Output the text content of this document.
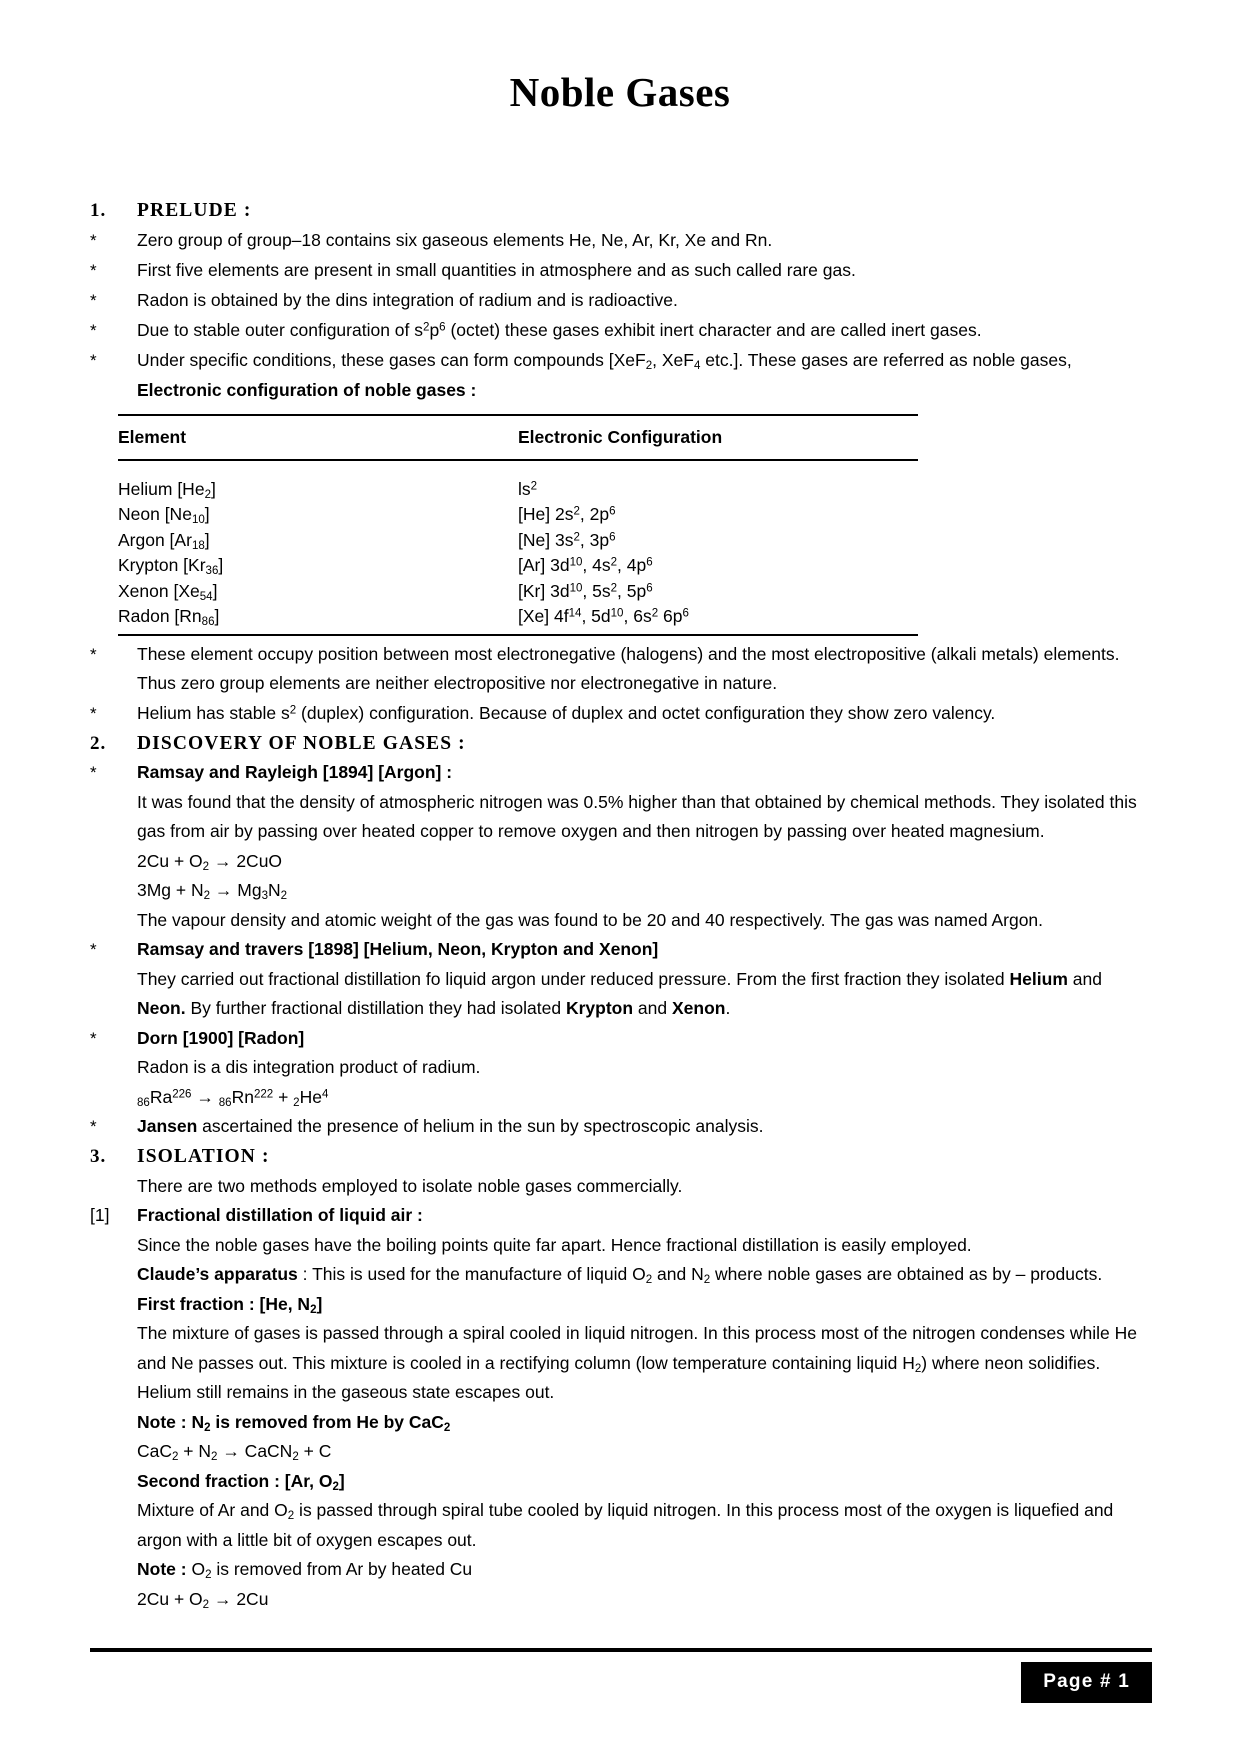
Noble Gases
1.	PRELUDE :
*	Zero group of group–18 contains six gaseous elements He, Ne, Ar, Kr, Xe and Rn.
*	First five elements are present in small quantities in atmosphere and as such called rare gas.
*	Radon is obtained by the dins integration of radium and is radioactive.
*	Due to stable outer configuration of $s^2p^6$ (octet) these gases exhibit inert character and are called inert gases.
*	Under specific conditions, these gases can form compounds [XeF$_2$, XeF$_4$ etc.]. These gases are referred as noble gases,
Electronic configuration of noble gases :
Element	Electronic Configuration
Helium $[He_2]$	$ls^2$
Neon $[Ne_{10}]$	[He] $2s^2$, $2p^6$
Argon $[Ar_{18}]$	[Ne] $3s^2$, $3p^6$
Krypton $[Kr_{36}]$	[Ar] $3d^{10}$, $4s^2$, $4p^6$
Xenon $[Xe_{54}]$	[Kr] $3d^{10}$, $5s^2$, $5p^6$
Radon $[Rn_{86}]$	[Xe] $4f^{14}$, $5d^{10}$, $6s^2$ $6p^6$
*	These element occupy position between most electronegative (halogens) and the most electropositive (alkali metals) elements. Thus zero group elements are neither electropositive nor electronegative in nature.
*	Helium has stable $s^2$ (duplex) configuration. Because of duplex and octet configuration they show zero valency.
2.	DISCOVERY OF NOBLE GASES :
*	Ramsay and Rayleigh [1894] [Argon] :
It was found that the density of atmospheric nitrogen was 0.5% higher than that obtained by chemical methods. They isolated this gas from air by passing over heated copper to remove oxygen and then nitrogen by passing over heated magnesium.
$2Cu + O_2 \to 2CuO$
$3Mg + N_2 \to Mg_3N_2$
The vapour density and atomic weight of the gas was found to be 20 and 40 respectively. The gas was named Argon.
*	Ramsay and travers [1898] [Helium, Neon, Krypton and Xenon]
They carried out fractional distillation fo liquid argon under reduced pressure. From the first fraction they isolated Helium and Neon. By further fractional distillation they had isolated Krypton and Xenon.
*	Dorn [1900] [Radon]
Radon is a dis integration product of radium.
$86Ra^{226} \to 86Rn^{222} + 2He^4$
*	Jansen ascertained the presence of helium in the sun by spectroscopic analysis.
3.	ISOLATION :
There are two methods employed to isolate noble gases commercially.
[1]	Fractional distillation of liquid air :
Since the noble gases have the boiling points quite far apart. Hence fractional distillation is easily employed.
Claude’s apparatus : This is used for the manufacture of liquid $O_2$ and $N_2$ where noble gases are obtained as by – products.
First fraction : [He, $N_2$]
The mixture of gases is passed through a spiral cooled in liquid nitrogen. In this process most of the nitrogen condenses while He and Ne passes out. This mixture is cooled in a rectifying column (low temperature containing liquid $H_2$) where neon solidifies. Helium still remains in the gaseous state escapes out.
Note : $N_2$ is removed from He by CaC$_2$
$CaC_2 + N_2$ → CaCN$_2$ + C
Second fraction : [Ar, $O_2$]
Mixture of Ar and $O_2$ is passed through spiral tube cooled by liquid nitrogen. In this process most of the oxygen is liquefied and argon with a little bit of oxygen escapes out.
Note : $O_2$ is removed from Ar by heated Cu
$2Cu + O_2 \to 2Cu$
Page # 1
